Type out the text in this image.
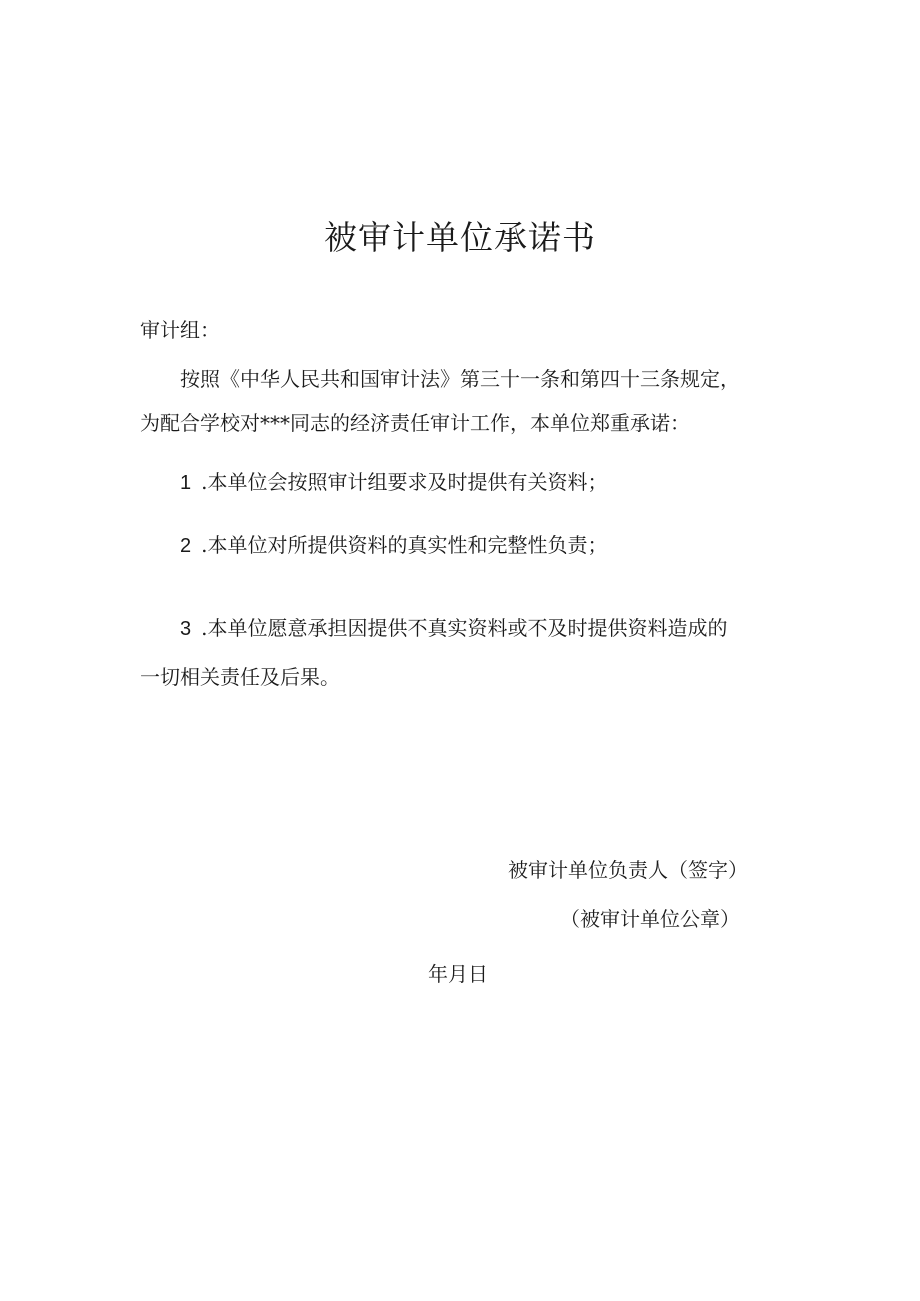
被审计单位承诺书
审计组：
按照《中华人民共和国审计法》第三十一条和第四十三条规定，
为配合学校对***同志的经济责任审计工作，本单位郑重承诺：
1 .本单位会按照审计组要求及时提供有关资料；
2 .本单位对所提供资料的真实性和完整性负责；
3 .本单位愿意承担因提供不真实资料或不及时提供资料造成的
一切相关责任及后果。
被审计单位负责人（签字）
（被审计单位公章）
年月日
